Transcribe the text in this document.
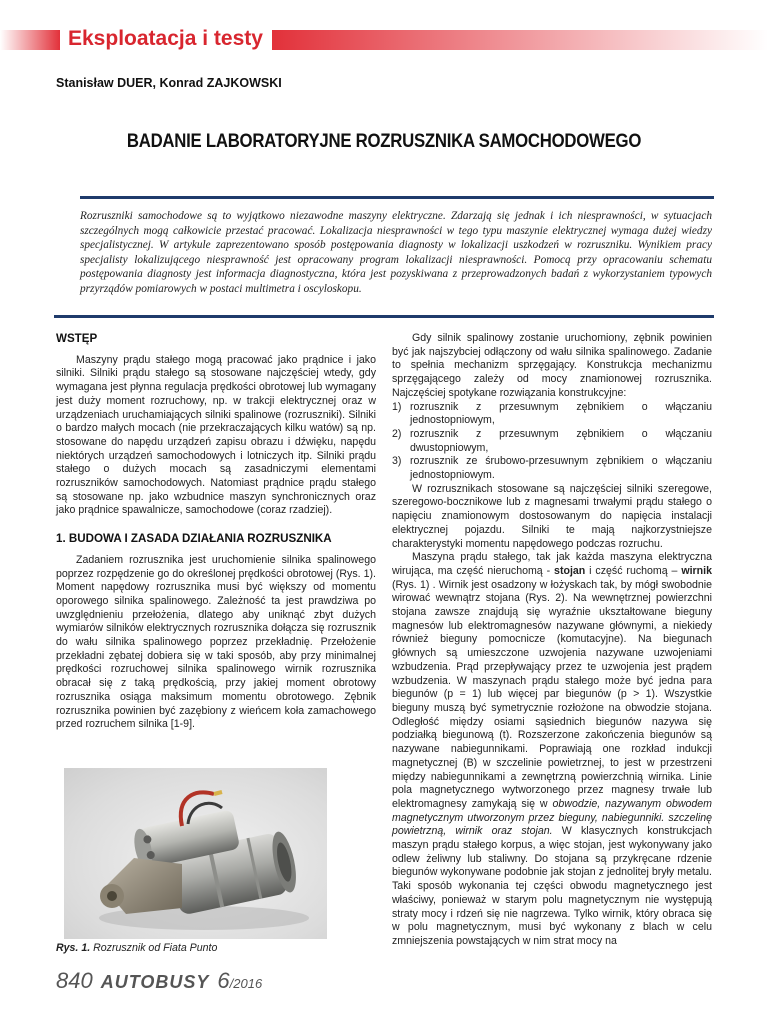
Eksploatacja i testy

Stanisław DUER, Konrad ZAJKOWSKI

BADANIE LABORATORYJNE ROZRUSZNIKA SAMOCHODOWEGO

Rozruszniki samochodowe są to wyjątkowo niezawodne maszyny elektryczne. Zdarzają się jednak i ich niesprawności, w sytuacjach szczególnych mogą całkowicie przestać pracować. Lokalizacja niesprawności w tego typu maszynie elektrycznej wymaga dużej wiedzy specjalistycznej. W artykule zaprezentowano sposób postępowania diagnosty w lokalizacji uszkodzeń w rozruszniku. Wynikiem pracy specjalisty lokalizującego niesprawność jest opracowany program lokalizacji niesprawności. Pomocą przy opracowaniu schematu postępowania diagnosty jest informacja diagnostyczna, która jest pozyskiwana z przeprowadzonych badań z wykorzystaniem typowych przyrządów pomiarowych w postaci multimetra i oscyloskopu.

WSTĘP

Maszyny prądu stałego mogą pracować jako prądnice i jako silniki. Silniki prądu stałego są stosowane najczęściej wtedy, gdy wymagana jest płynna regulacja prędkości obrotowej lub wymagany jest duży moment rozruchowy, np. w trakcji elektrycznej oraz w urządzeniach uruchamiających silniki spalinowe (rozruszniki). Silniki o bardzo małych mocach (nie przekraczających kilku watów) są np. stosowane do napędu urządzeń zapisu obrazu i dźwięku, napędu niektórych urządzeń samochodowych i lotniczych itp. Silniki prądu stałego o dużych mocach są zasadniczymi elementami rozruszników samochodowych. Natomiast prądnice prądu stałego są stosowane np. jako wzbudnice maszyn synchronicznych oraz jako prądnice spawalnicze, samochodowe (coraz rzadziej).

1. BUDOWA I ZASADA DZIAŁANIA ROZRUSZNIKA

Zadaniem rozrusznika jest uruchomienie silnika spalinowego poprzez rozpędzenie go do określonej prędkości obrotowej (Rys. 1). Moment napędowy rozrusznika musi być większy od momentu oporowego silnika spalinowego. Zależność ta jest prawdziwa po uwzględnieniu przełożenia, dlatego aby uniknąć zbyt dużych wymiarów silników elektrycznych rozrusznika dołącza się rozrusznik do wału silnika spalinowego poprzez przekładnię. Przełożenie przekładni zębatej dobiera się w taki sposób, aby przy minimalnej prędkości rozruchowej silnika spalinowego wirnik rozrusznika obracał się z taką prędkością, przy jakiej moment obrotowy rozrusznika osiąga maksimum momentu obrotowego. Zębnik rozrusznika powinien być zazębiony z wieńcem koła zamachowego przed rozruchem silnika [1-9].

Rys. 1. Rozrusznik od Fiata Punto

Gdy silnik spalinowy zostanie uruchomiony, zębnik powinien być jak najszybciej odłączony od wału silnika spalinowego. Zadanie to spełnia mechanizm sprzęgający. Konstrukcja mechanizmu sprzęgającego zależy od mocy znamionowej rozrusznika. Najczęściej spotykane rozwiązania konstrukcyjne:

1) rozrusznik z przesuwnym zębnikiem o włączaniu jednostopniowym,
2) rozrusznik z przesuwnym zębnikiem o włączaniu dwustopniowym,
3) rozrusznik ze śrubowo-przesuwnym zębnikiem o włączaniu jednostopniowym.

W rozrusznikach stosowane są najczęściej silniki szeregowe, szeregowo-bocznikowe lub z magnesami trwałymi prądu stałego o napięciu znamionowym dostosowanym do napięcia instalacji elektrycznej pojazdu. Silniki te mają najkorzystniejsze charakterystyki momentu napędowego podczas rozruchu.

Maszyna prądu stałego, tak jak każda maszyna elektryczna wirująca, ma część nieruchomą - stojan i część ruchomą – wirnik (Rys. 1) . Wirnik jest osadzony w łożyskach tak, by mógł swobodnie wirować wewnątrz stojana (Rys. 2). Na wewnętrznej powierzchni stojana zawsze znajdują się wyraźnie ukształtowane bieguny magnesów lub elektromagnesów nazywane głównymi, a niekiedy również bieguny pomocnicze (komutacyjne). Na biegunach głównych są umieszczone uzwojenia nazywane uzwojeniami wzbudzenia. Prąd przepływający przez te uzwojenia jest prądem wzbudzenia. W maszynach prądu stałego może być jedna para biegunów (p = 1) lub więcej par biegunów (p > 1). Wszystkie bieguny muszą być symetrycznie rozłożone na obwodzie stojana. Odległość między osiami sąsiednich biegunów nazywa się podziałką biegunową (t). Rozszerzone zakończenia biegunów są nazywane nabiegunnikami. Poprawiają one rozkład indukcji magnetycznej (B) w szczelinie powietrznej, to jest w przestrzeni między nabiegunnikami a zewnętrzną powierzchnią wirnika. Linie pola magnetycznego wytworzonego przez magnesy trwałe lub elektromagnesy zamykają się w obwodzie, nazywanym obwodem magnetycznym utworzonym przez bieguny, nabiegunniki. szczelinę powietrzną, wirnik oraz stojan. W klasycznych konstrukcjach maszyn prądu stałego korpus, a więc stojan, jest wykonywany jako odlew żeliwny lub staliwny. Do stojana są przykręcane rdzenie biegunów wykonywane podobnie jak stojan z jednolitej bryły metalu. Taki sposób wykonania tej części obwodu magnetycznego jest właściwy, ponieważ w starym polu magnetycznym nie występują straty mocy i rdzeń się nie nagrzewa. Tylko wirnik, który obraca się w polu magnetycznym, musi być wykonany z blach w celu zmniejszenia powstających w nim strat mocy na

840 AUTOBUSY 6/2016
